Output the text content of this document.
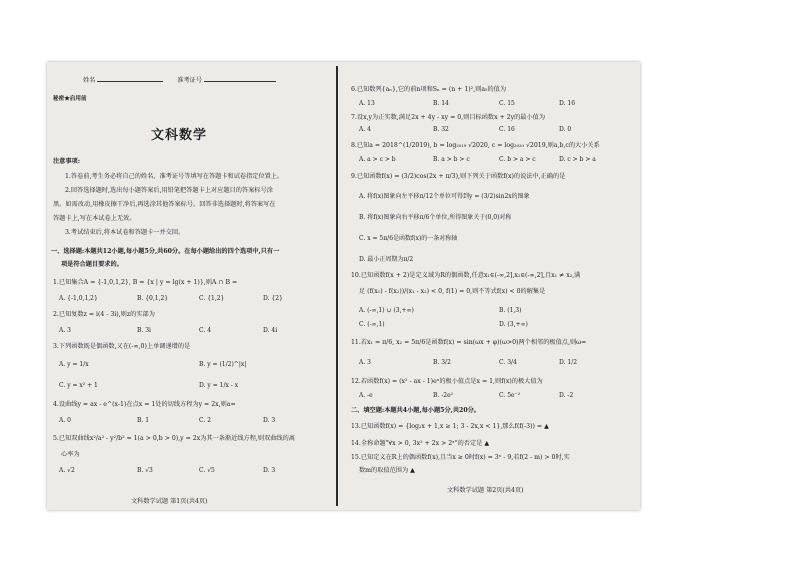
姓名	准考证号
秘密★启用前
文科数学
注意事项:
1.答卷前,考生务必将自己的姓名、准考证号等填写在答题卡和试卷指定位置上。
2.回答选择题时,选出每小题答案后,用铅笔把答题卡上对应题目的答案标号涂
黑。如需改动,用橡皮擦干净后,再选涂其他答案标号。回答非选择题时,将答案写在
答题卡上,写在本试卷上无效。
3.考试结束后,将本试卷和答题卡一并交回。
一、选择题:本题共12小题,每小题5分,共60分。在每小题给出的四个选项中,只有一
项是符合题目要求的。
1.已知集合A = {-1,0,1,2}, B = {x | y = lg(x + 1)},则A ∩ B =
A. {-1,0,1,2}	B. {0,1,2}	C. {1,2}	D. {2}
2.已知复数z = i(4 - 3i),则z的实部为
A. 3	B. 3i	C. 4	D. 4i
3.下列函数既是偶函数,又在(-∞,0)上单调递增的是
A. y = 1/x	B. y = (1/2)^|x|
C. y = x² + 1	D. y = 1/x - x
4.设曲线y = ax - e^(x-1)在点x = 1处的切线方程为y = 2x,则a=
A. 0	B. 1	C. 2	D. 3
5.已知双曲线x²/a² - y²/b² = 1(a > 0,b > 0),y = 2x为其一条渐近线方程,则双曲线的离
心率为
A. √2	B. √3	C. √5	D. 3
文科数学试题 第1页(共4页)
6.已知数列{aₙ},它的前n项和Sₙ = (n + 1)²,则a₅的值为
A. 13	B. 14	C. 15	D. 16
7.设x,y为正实数,满足2x + 4y - xy = 0,则目标函数x + 2y的最小值为
A. 4	B. 32	C. 16	D. 0
8.已知a = 2018^(1/2019), b = log₂₀₁₉ √2020, c = log₂₀₂₀ √2019,则a,b,c的大小关系
A. a > c > b	B. a > b > c	C. b > a > c	D. c > b > a
9.已知函数f(x) = (3/2)cos(2x + π/3),则下列关于函数f(x)的说法中,正确的是
A. 将f(x)图象向左平移π/12个单位可得到y = (3/2)sin2x的图象
B. 将f(x)图象向右平移π/6个单位,所得图象关于(0,0)对称
C. x = 5π/6是函数f(x)的一条对称轴
D. 最小正周期为π/2
10.已知函数f(x + 2)是定义域为R的偶函数,任意x₁∈(-∞,2],x₂∈(-∞,2],且x₁ ≠ x₂,满
足 (f(x₁) - f(x₂))/(x₁ - x₂) < 0, f(1) = 0,则不等式f(x) < 0的解集是
A. (-∞,1) ∪ (3,+∞)	B. (1,3)
C. (-∞,1)	D. (3,+∞)
11.若x₁ = π/6, x₂ = 5π/6是函数f(x) = sin(ωx + φ)(ω>0)两个相邻的极值点,则ω=
A. 3	B. 3/2	C. 3/4	D. 1/2
12.若函数f(x) = (x² - ax - 1)eˣ的极小值点是x = 1,则f(x)的极大值为
A. -e	B. -2e²	C. 5e⁻²	D. -2
二、填空题:本题共4小题,每小题5分,共20分。
13.已知函数f(x) = {log₂x + 1,x ≥ 1; 3 - 2x,x < 1},那么f(f(-3)) = ▲
14.全称命题"∀x > 0, 3x² + 2x > 2ˣ"的否定是 ▲
15.已知定义在R上的偶函数f(x),且当x ≥ 0时f(x) = 3ˣ - 9,若f(2 - m) > 0时,实
数m的取值范围为 ▲
文科数学试题 第2页(共4页)
